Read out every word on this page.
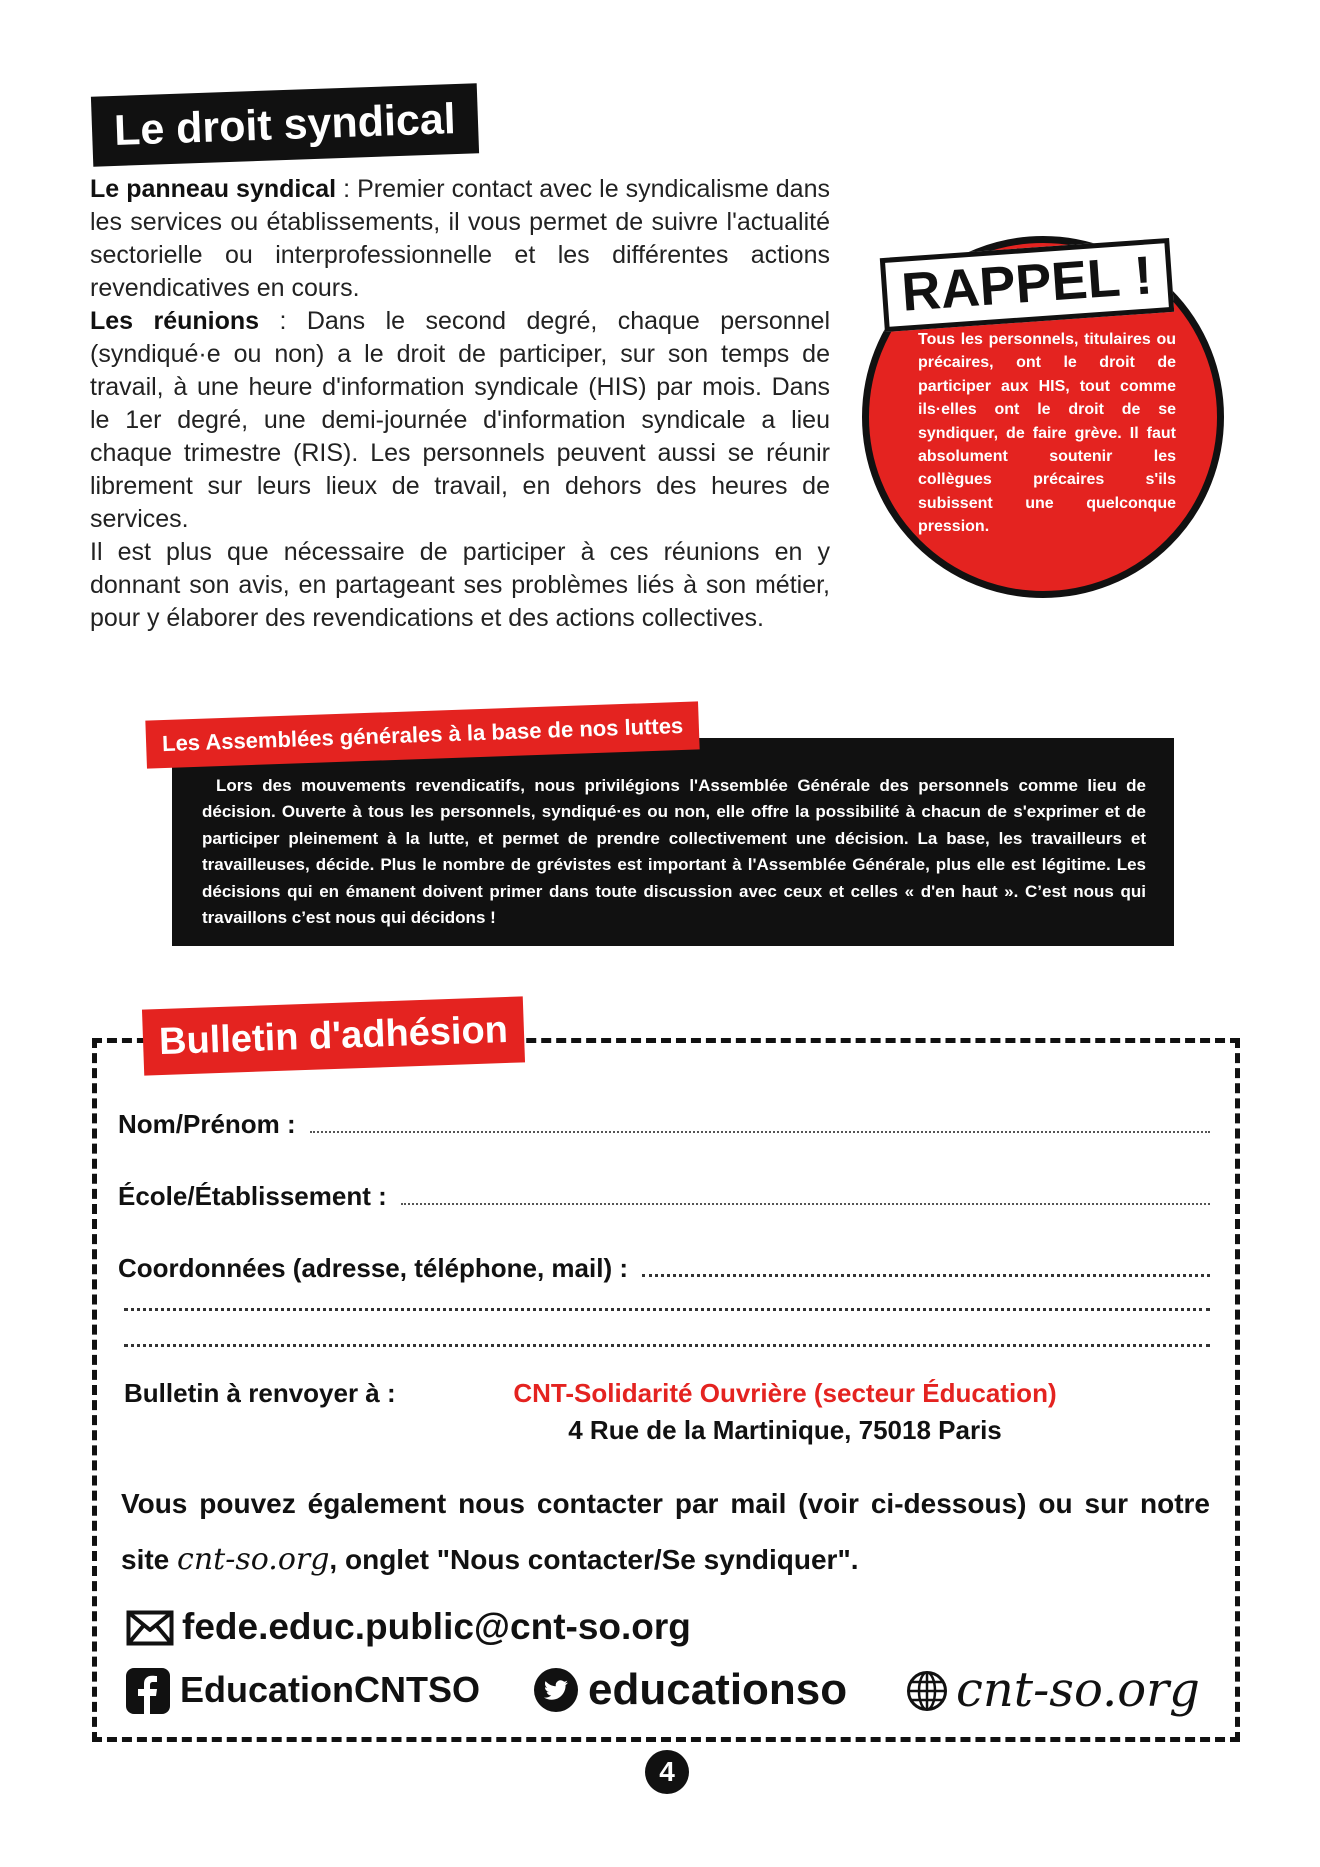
Le droit syndical

Le panneau syndical : Premier contact avec le syndicalisme dans les services ou établissements, il vous permet de suivre l'actualité sectorielle ou interprofessionnelle et les différentes actions revendicatives en cours.

Les réunions : Dans le second degré, chaque personnel (syndiqué·e ou non) a le droit de participer, sur son temps de travail, à une heure d'information syndicale (HIS) par mois. Dans le 1er degré, une demi-journée d'information syndicale a lieu chaque trimestre (RIS). Les personnels peuvent aussi se réunir librement sur leurs lieux de travail, en dehors des heures de services.

Il est plus que nécessaire de participer à ces réunions en y donnant son avis, en partageant ses problèmes liés à son métier, pour y élaborer des revendications et des actions collectives.

RAPPEL !
Tous les personnels, titulaires ou précaires, ont le droit de participer aux HIS, tout comme ils·elles ont le droit de se syndiquer, de faire grève. Il faut absolument soutenir les collègues précaires s'ils subissent une quelconque pression.

Lors des mouvements revendicatifs, nous privilégions l'Assemblée Générale des personnels comme lieu de décision. Ouverte à tous les personnels, syndiqué·es ou non, elle offre la possibilité à chacun de s'exprimer et de participer pleinement à la lutte, et permet de prendre collectivement une décision. La base, les travailleurs et travailleuses, décide. Plus le nombre de grévistes est important à l'Assemblée Générale, plus elle est légitime. Les décisions qui en émanent doivent primer dans toute discussion avec ceux et celles « d'en haut ». C’est nous qui travaillons c’est nous qui décidons !

Les Assemblées générales à la base de nos luttes
Bulletin d'adhésion
Nom/Prénom :
École/Établissement :
Coordonnées (adresse, téléphone, mail) :
Bulletin à renvoyer à :	CNT-Solidarité Ouvrière (secteur Éducation)
4 Rue de la Martinique, 75018 Paris
Vous pouvez également nous contacter par mail (voir ci-dessous) ou sur notre
site cnt-so.org, onglet "Nous contacter/Se syndiquer".
fede.educ.public@cnt-so.org
EducationCNTSO educationso cnt-so.org
4
